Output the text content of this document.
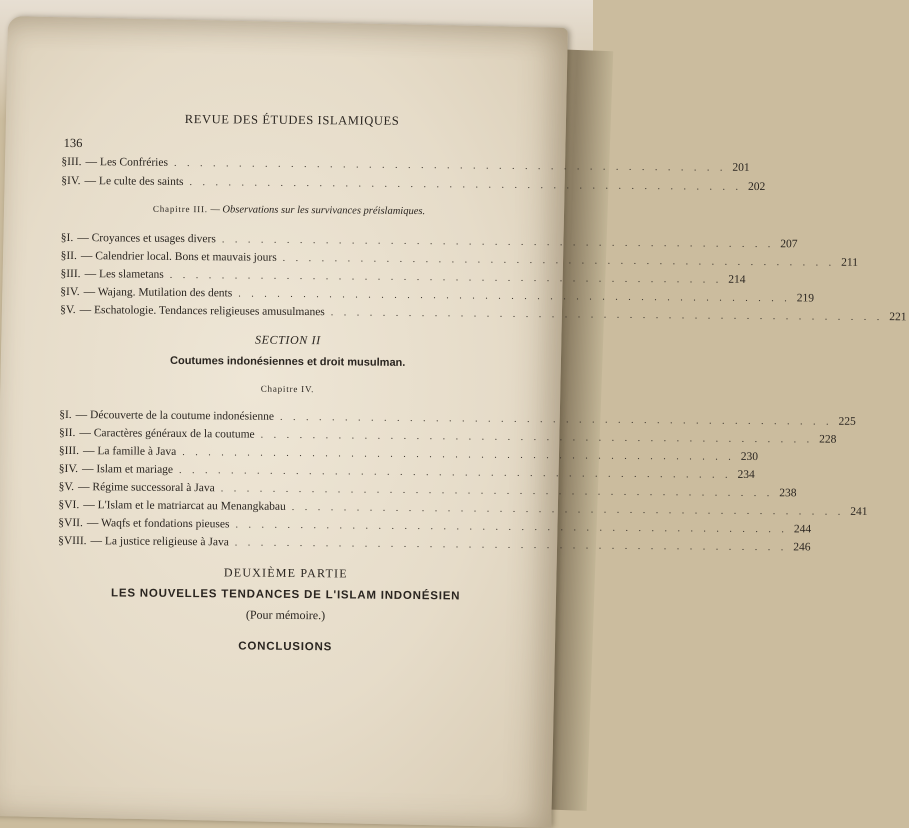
REVUE DES ÉTUDES ISLAMIQUES
136
§ III. — Les Confréries . . . . . . . . . . . . . . . . . . . . . . . . . . . . . . . . . . . . . . . . . . . 201
§ IV. — Le culte des saints . . . . . . . . . . . . . . . . . . . . . . . . . . . . . . . . . . . . . . . . . . . 202
Chapitre III. — Observations sur les survivances préislamiques.
§ I. — Croyances et usages divers . . . . . . . . . . . . . . . . . . . . . . . . . . . . . . . . . . . . . . . . . . . 207
§ II. — Calendrier local. Bons et mauvais jours . . . . . . . . . . . . . . . . . . . . . . . . . . . . . . . . . . . . . . . . . . . 211
§ III. — Les slametans . . . . . . . . . . . . . . . . . . . . . . . . . . . . . . . . . . . . . . . . . . . 214
§ IV. — Wajang. Mutilation des dents . . . . . . . . . . . . . . . . . . . . . . . . . . . . . . . . . . . . . . . . . . . 219
§ V. — Eschatologie. Tendances religieuses amusulmanes . . . . . . . . . . . . . . . . . . . . . . . . . . . . . . . . . . . . . . . . . . . 221
SECTION II
Coutumes indonésiennes et droit musulman.
Chapitre IV.
§ I. — Découverte de la coutume indonésienne . . . . . . . . . . . . . . . . . . . . . . . . . . . . . . . . . . . . . . . . . . . 225
§ II. — Caractères généraux de la coutume . . . . . . . . . . . . . . . . . . . . . . . . . . . . . . . . . . . . . . . . . . . 228
§ III. — La famille à Java . . . . . . . . . . . . . . . . . . . . . . . . . . . . . . . . . . . . . . . . . . . 230
§ IV. — Islam et mariage . . . . . . . . . . . . . . . . . . . . . . . . . . . . . . . . . . . . . . . . . . . 234
§ V. — Régime successoral à Java . . . . . . . . . . . . . . . . . . . . . . . . . . . . . . . . . . . . . . . . . . . 238
§ VI. — L'Islam et le matriarcat au Menangkabau . . . . . . . . . . . . . . . . . . . . . . . . . . . . . . . . . . . . . . . . . . . 241
§ VII. — Waqfs et fondations pieuses . . . . . . . . . . . . . . . . . . . . . . . . . . . . . . . . . . . . . . . . . . . 244
§ VIII. — La justice religieuse à Java . . . . . . . . . . . . . . . . . . . . . . . . . . . . . . . . . . . . . . . . . . . 246
DEUXIÈME PARTIE
LES NOUVELLES TENDANCES DE L'ISLAM INDONÉSIEN
(Pour mémoire.)
CONCLUSIONS
